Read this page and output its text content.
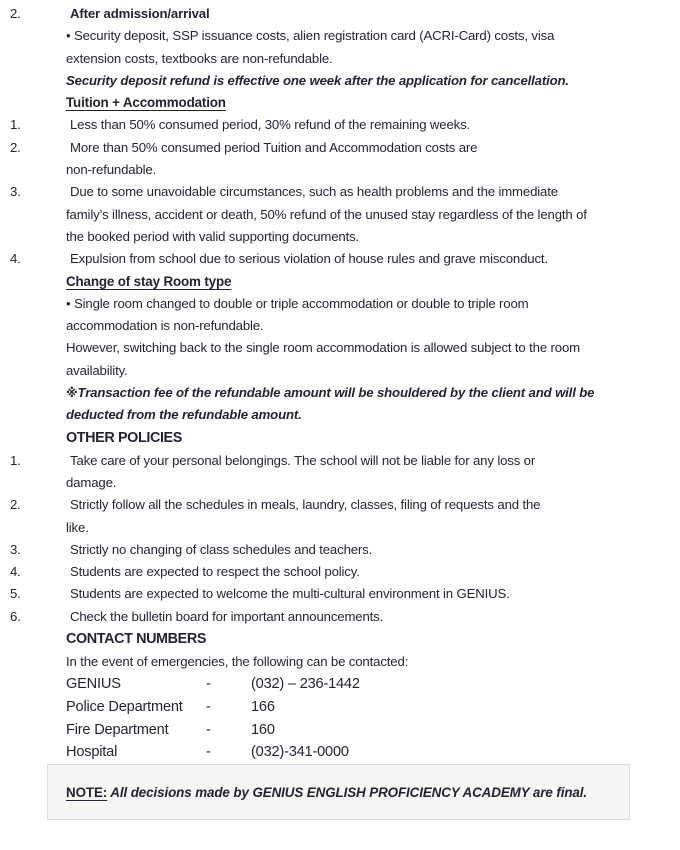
2.	After admission/arrival
• Security deposit, SSP issuance costs, alien registration card (ACRI-Card) costs, visa
extension costs, textbooks are non-refundable.
Security deposit refund is effective one week after the application for cancellation.
Tuition + Accommodation
1.	Less than 50% consumed period, 30% refund of the remaining weeks.
2.	More than 50% consumed period Tuition and Accommodation costs are
non-refundable.
3.	Due to some unavoidable circumstances, such as health problems and the immediate
family’s illness, accident or death, 50% refund of the unused stay regardless of the length of
the booked period with valid supporting documents.
4.	Expulsion from school due to serious violation of house rules and grave misconduct.
Change of stay Room type
• Single room changed to double or triple accommodation or double to triple room
accommodation is non-refundable.
However, switching back to the single room accommodation is allowed subject to the room
availability.
※Transaction fee of the refundable amount will be shouldered by the client and will be
deducted from the refundable amount.
OTHER POLICIES
1.	Take care of your personal belongings. The school will not be liable for any loss or
damage.
2.	Strictly follow all the schedules in meals, laundry, classes, filing of requests and the
like.
3.	Strictly no changing of class schedules and teachers.
4.	Students are expected to respect the school policy.
5.	Students are expected to welcome the multi-cultural environment in GENIUS.
6.	Check the bulletin board for important announcements.
CONTACT NUMBERS
In the event of emergencies, the following can be contacted:
GENIUS	-	(032) – 236-1442
Police Department	-	166
Fire Department	-	160
Hospital	-	(032)-341-0000
NOTE: All decisions made by GENIUS ENGLISH PROFICIENCY ACADEMY are final.
